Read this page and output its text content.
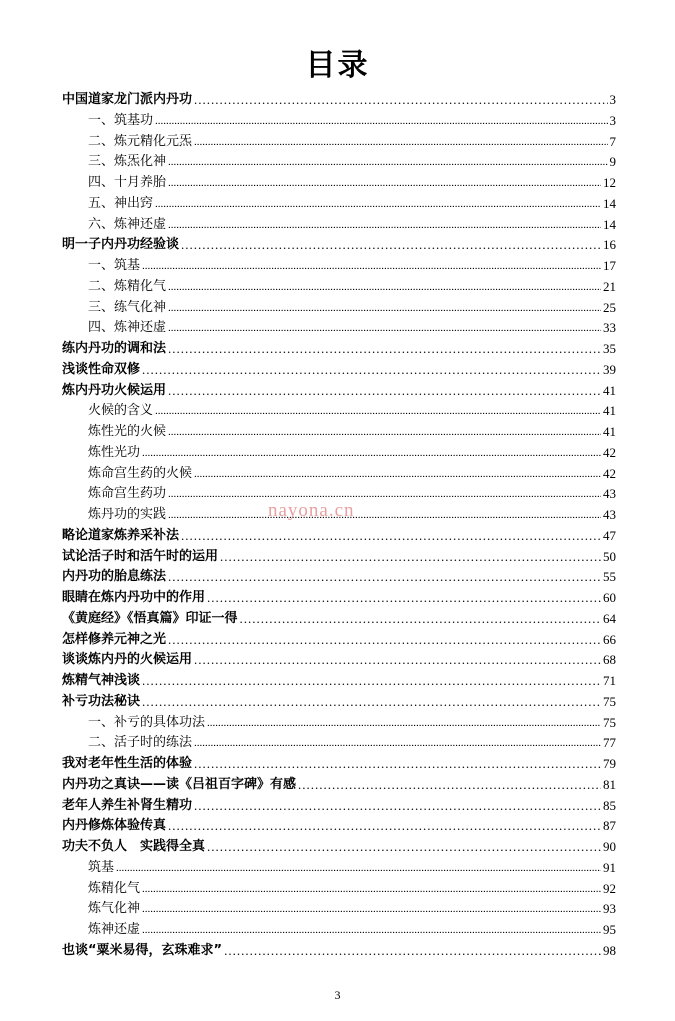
目录
中国道家龙门派内丹功 .....	3
一、筑基功 .....	3
二、炼元精化元炁 .....	7
三、炼炁化神 .....	9
四、十月养胎 .....	12
五、神出窍 .....	14
六、炼神还虚 .....	14
明一子内丹功经验谈 .....	16
一、筑基 .....	17
二、炼精化气 .....	21
三、练气化神 .....	25
四、炼神还虚 .....	33
练内丹功的调和法 .....	35
浅谈性命双修 .....	39
炼内丹功火候运用 .....	41
火候的含义 .....	41
炼性光的火候 .....	41
炼性光功 .....	42
炼命宫生药的火候 .....	42
炼命宫生药功 .....	43
炼丹功的实践 .....	43
略论道家炼养采补法 .....	47
试论活子时和活午时的运用 .....	50
内丹功的胎息练法 .....	55
眼睛在炼内丹功中的作用 .....	60
《黄庭经》《悟真篇》印证一得 .....	64
怎样修养元神之光 .....	66
谈谈炼内丹的火候运用 .....	68
炼精气神浅谈 .....	71
补亏功法秘诀 .....	75
一、补亏的具体功法 .....	75
二、活子时的练法 .....	77
我对老年性生活的体验 .....	79
内丹功之真诀——读《吕祖百字碑》有感 .....	81
老年人养生补肾生精功 .....	85
内丹修炼体验传真 .....	87
功夫不负人　实践得全真 .....	90
筑基 .....	91
炼精化气 .....	92
炼气化神 .....	93
炼神还虚 .....	95
也谈“粟米易得，玄珠难求” .....	98
nayona.cn
3
